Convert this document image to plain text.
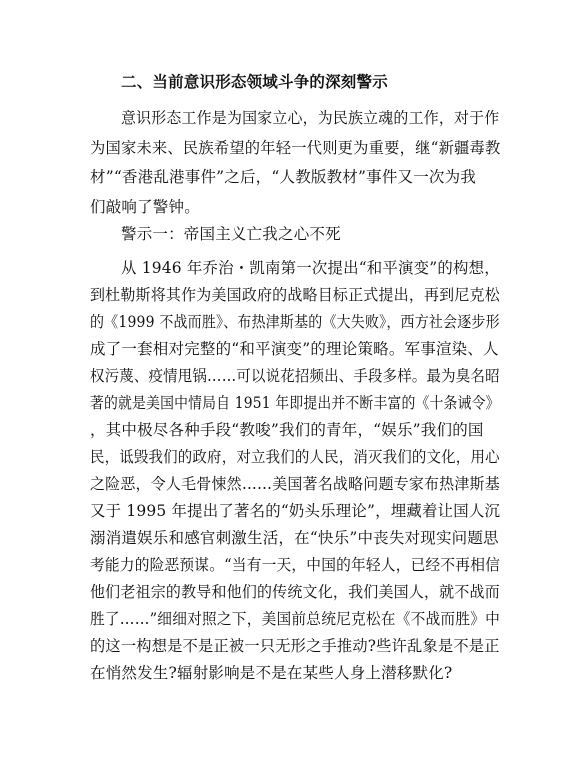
二、当前意识形态领域斗争的深刻警示
意识形态工作是为国家立心，为民族立魂的工作，对于作
为国家未来、民族希望的年轻一代则更为重要，继“新疆毒教
材”“香港乱港事件”之后，“人教版教材”事件又一次为我
们敲响了警钟。
警示一：帝国主义亡我之心不死
从 1946 年乔治・凯南第一次提出“和平演变”的构想，
到杜勒斯将其作为美国政府的战略目标正式提出，再到尼克松
的《1999 不战而胜》、布热津斯基的《大失败》，西方社会逐步形
成了一套相对完整的“和平演变”的理论策略。军事渲染、人
权污蔑、疫情甩锅……可以说花招频出、手段多样。最为臭名昭
著的就是美国中情局自 1951 年即提出并不断丰富的《十条诫令》
，其中极尽各种手段“教唆”我们的青年，“娱乐”我们的国
民，诋毁我们的政府，对立我们的人民，消灭我们的文化，用心
之险恶，令人毛骨悚然……美国著名战略问题专家布热津斯基
又于 1995 年提出了著名的“奶头乐理论”，埋藏着让国人沉
溺消遣娱乐和感官刺激生活，在“快乐”中丧失对现实问题思
考能力的险恶预谋。“当有一天，中国的年轻人，已经不再相信
他们老祖宗的教导和他们的传统文化，我们美国人，就不战而
胜了……”细细对照之下，美国前总统尼克松在《不战而胜》中
的这一构想是不是正被一只无形之手推动?些许乱象是不是正
在悄然发生?辐射影响是不是在某些人身上潜移默化?
